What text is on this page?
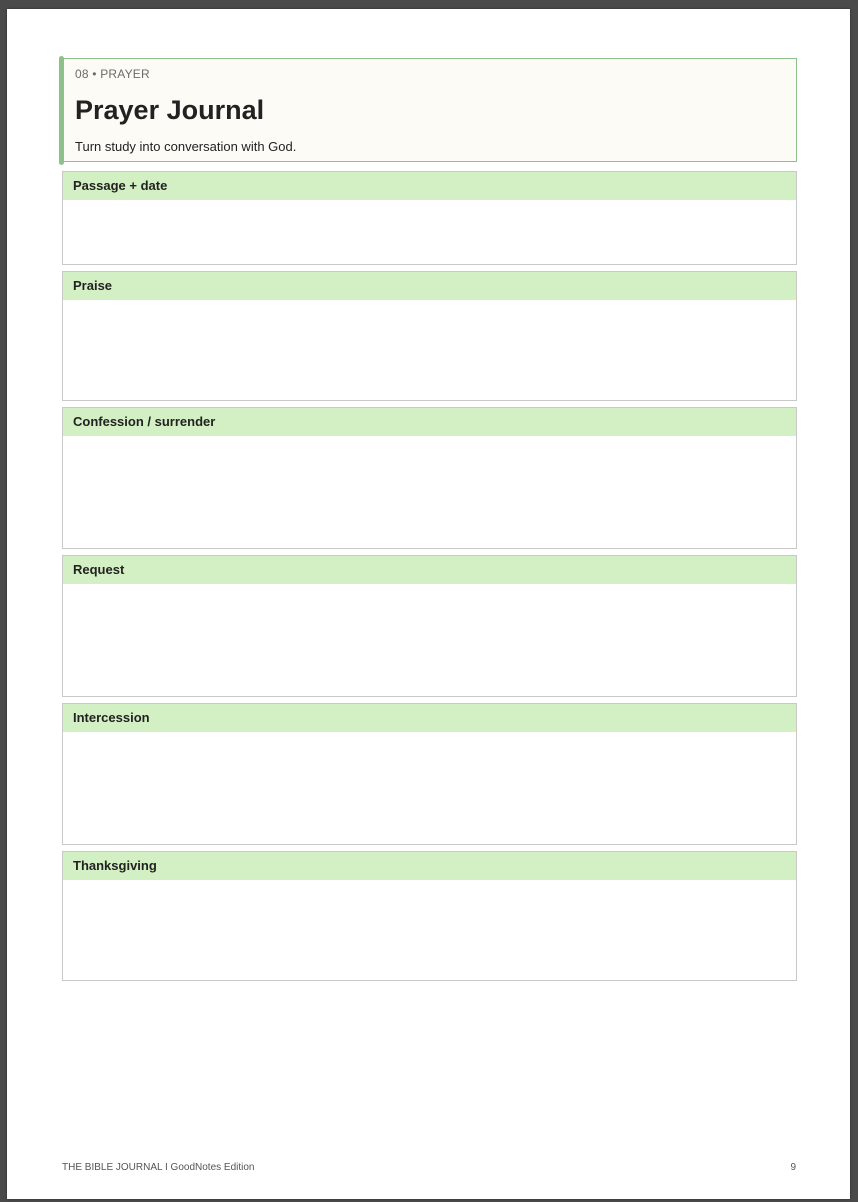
08 • PRAYER
Prayer Journal
Turn study into conversation with God.
Passage + date
Praise
Confession / surrender
Request
Intercession
Thanksgiving
THE BIBLE JOURNAL I GoodNotes Edition	9
